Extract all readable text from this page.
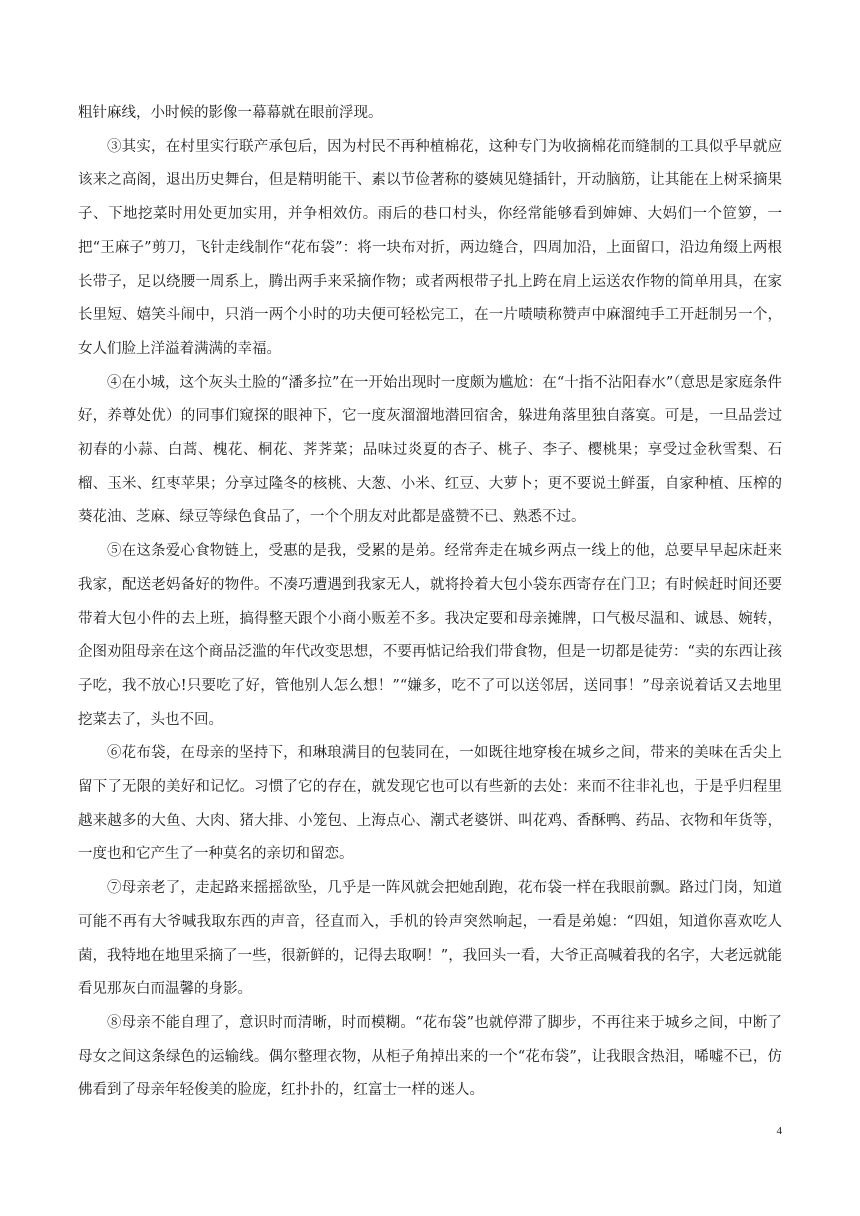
粗针麻线，小时候的影像一幕幕就在眼前浮现。

③其实，在村里实行联产承包后，因为村民不再种植棉花，这种专门为收摘棉花而缝制的工具似乎早就应该来之高阁，退出历史舞台，但是精明能干、素以节俭著称的婆姨见缝插针，开动脑筋，让其能在上树采摘果子、下地挖菜时用处更加实用，并争相效仿。雨后的巷口村头，你经常能够看到婶婶、大妈们一个笸箩，一把“王麻子”剪刀，飞针走线制作“花布袋”：将一块布对折，两边缝合，四周加沿，上面留口，沿边角缀上两根长带子，足以绕腰一周系上，腾出两手来采摘作物；或者两根带子扎上跨在肩上运送农作物的简单用具，在家长里短、嬉笑斗闹中，只消一两个小时的功夫便可轻松完工，在一片啧啧称赞声中麻溜纯手工开赶制另一个，女人们脸上洋溢着满满的幸福。

④在小城，这个灰头土脸的“潘多拉”在一开始出现时一度颇为尴尬：在“十指不沾阳春水”（意思是家庭条件好，养尊处优）的同事们窥探的眼神下，它一度灰溜溜地潜回宿舍，躲进角落里独自落寞。可是，一旦品尝过初春的小蒜、白蒿、槐花、桐花、荠荠菜；品味过炎夏的杏子、桃子、李子、樱桃果；享受过金秋雪梨、石榴、玉米、红枣苹果；分享过隆冬的核桃、大葱、小米、红豆、大萝卜；更不要说土鲜蛋，自家种植、压榨的葵花油、芝麻、绿豆等绿色食品了，一个个朋友对此都是盛赞不已、熟悉不过。

⑤在这条爱心食物链上，受惠的是我，受累的是弟。经常奔走在城乡两点一线上的他，总要早早起床赶来我家，配送老妈备好的物件。不凑巧遭遇到我家无人，就将拎着大包小袋东西寄存在门卫；有时候赶时间还要带着大包小件的去上班，搞得整天跟个小商小贩差不多。我决定要和母亲摊牌，口气极尽温和、诚恳、婉转，企图劝阻母亲在这个商品泛滥的年代改变思想，不要再惦记给我们带食物，但是一切都是徒劳：“卖的东西让孩子吃，我不放心!只要吃了好，管他别人怎么想！”“嫌多，吃不了可以送邻居，送同事！”母亲说着话又去地里挖菜去了，头也不回。

⑥花布袋，在母亲的坚持下，和琳琅满目的包装同在，一如既往地穿梭在城乡之间，带来的美味在舌尖上留下了无限的美好和记忆。习惯了它的存在，就发现它也可以有些新的去处：来而不往非礼也，于是乎归程里越来越多的大鱼、大肉、猪大排、小笼包、上海点心、潮式老婆饼、叫花鸡、香酥鸭、药品、衣物和年货等，一度也和它产生了一种莫名的亲切和留恋。

⑦母亲老了，走起路来摇摇欲坠，几乎是一阵风就会把她刮跑，花布袋一样在我眼前飘。路过门岗，知道可能不再有大爷喊我取东西的声音，径直而入，手机的铃声突然响起，一看是弟媳：“四姐，知道你喜欢吃人菌，我特地在地里采摘了一些，很新鲜的，记得去取啊！”，我回头一看，大爷正高喊着我的名字，大老远就能看见那灰白而温馨的身影。

⑧母亲不能自理了，意识时而清晰，时而模糊。“花布袋”也就停滞了脚步，不再往来于城乡之间，中断了母女之间这条绿色的运输线。偶尔整理衣物，从柜子角掉出来的一个“花布袋”，让我眼含热泪，唏嘘不已，仿佛看到了母亲年轻俊美的脸庞，红扑扑的，红富士一样的迷人。

4
